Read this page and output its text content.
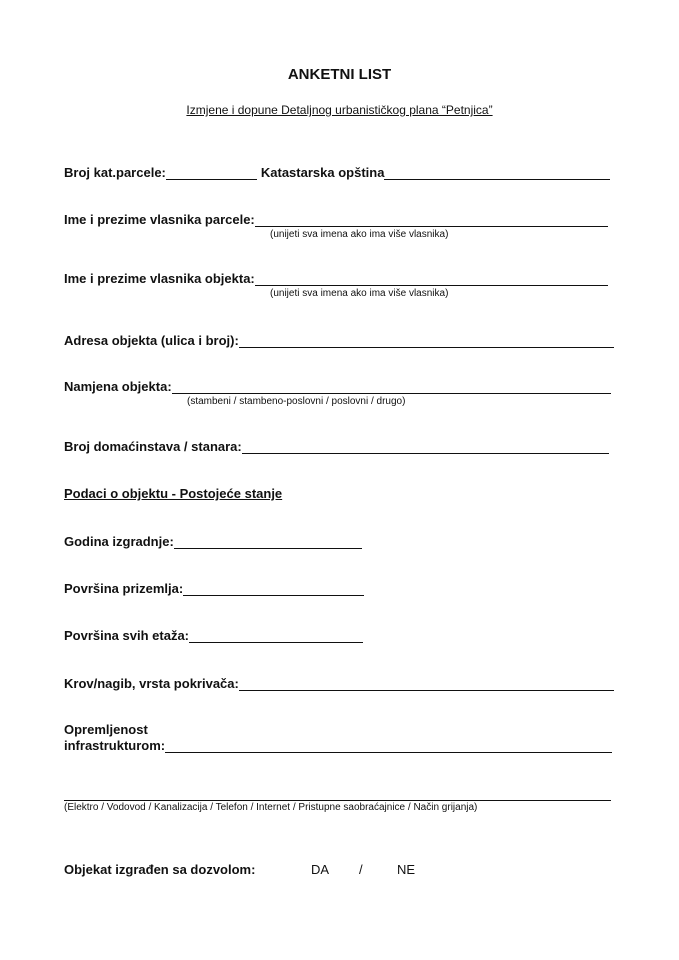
ANKETNI LIST
Izmjene i dopune Detaljnog urbanističkog plana “Petnjica”
Broj kat.parcele:	Katastarska opština
Ime i prezime vlasnika parcele:
(unijeti sva imena ako ima više vlasnika)
Ime i prezime vlasnika objekta:
(unijeti sva imena ako ima više vlasnika)
Adresa objekta (ulica i broj):
Namjena objekta:
(stambeni / stambeno-poslovni / poslovni / drugo)
Broj domaćinstava / stanara:
Podaci o objektu - Postojeće stanje
Godina izgradnje:
Površina prizemlja:
Površina svih etaža:
Krov/nagib, vrsta pokrivača:
Opremljenost
infrastrukturom:
(Elektro / Vodovod / Kanalizacija / Telefon / Internet / Pristupne saobraćajnice / Način grijanja)
Objekat izgrađen sa dozvolom:	DA /	NE
